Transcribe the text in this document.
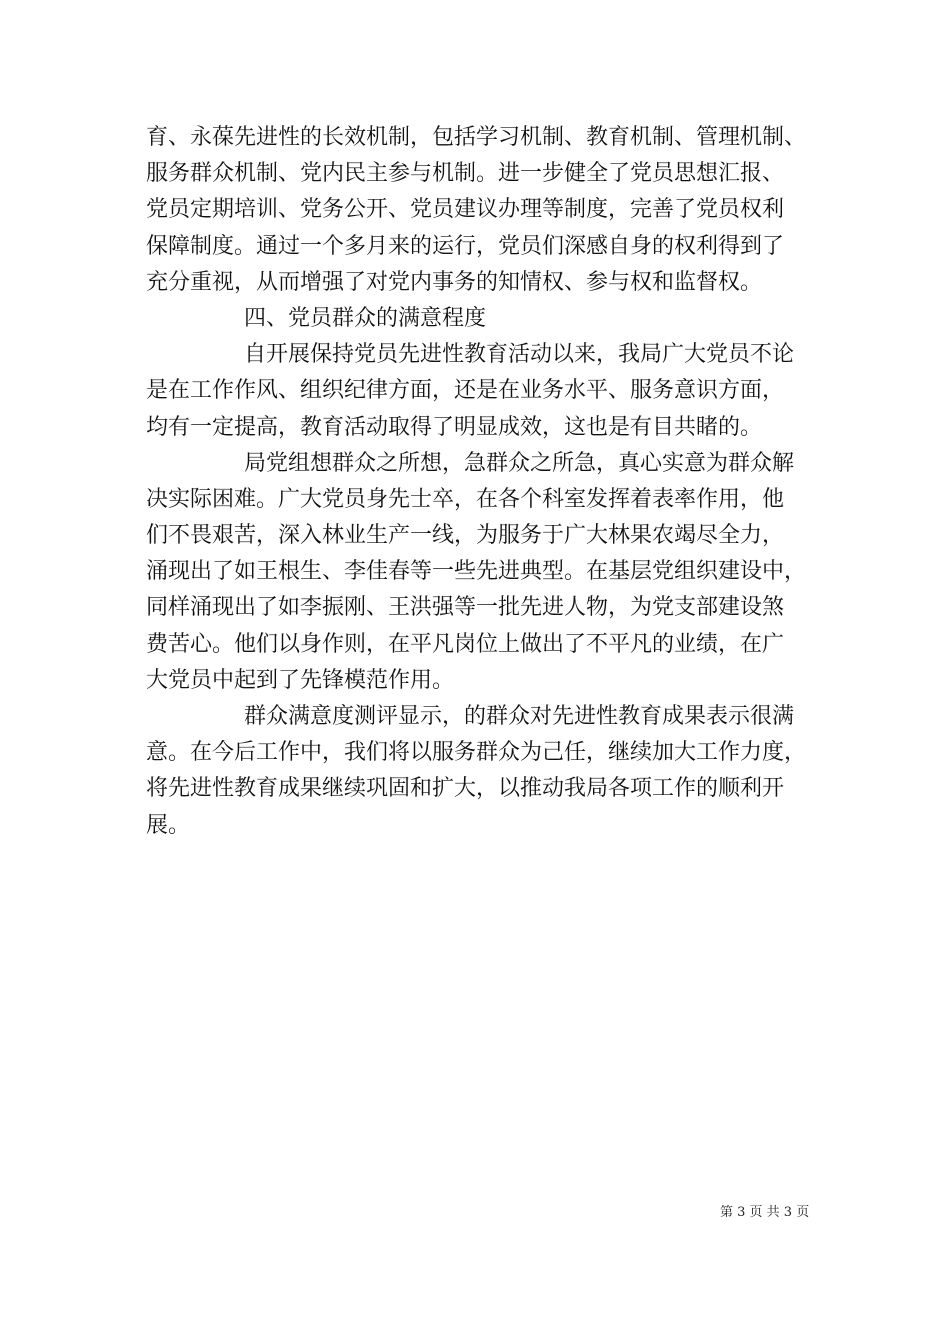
育、永葆先进性的长效机制，包括学习机制、教育机制、管理机制、
服务群众机制、党内民主参与机制。进一步健全了党员思想汇报、
党员定期培训、党务公开、党员建议办理等制度，完善了党员权利
保障制度。通过一个多月来的运行，党员们深感自身的权利得到了
充分重视，从而增强了对党内事务的知情权、参与权和监督权。
四、党员群众的满意程度
自开展保持党员先进性教育活动以来，我局广大党员不论
是在工作作风、组织纪律方面，还是在业务水平、服务意识方面，
均有一定提高，教育活动取得了明显成效，这也是有目共睹的。
局党组想群众之所想，急群众之所急，真心实意为群众解
决实际困难。广大党员身先士卒，在各个科室发挥着表率作用，他
们不畏艰苦，深入林业生产一线，为服务于广大林果农竭尽全力，
涌现出了如王根生、李佳春等一些先进典型。在基层党组织建设中，
同样涌现出了如李振刚、王洪强等一批先进人物，为党支部建设煞
费苦心。他们以身作则，在平凡岗位上做出了不平凡的业绩，在广
大党员中起到了先锋模范作用。
群众满意度测评显示，的群众对先进性教育成果表示很满
意。在今后工作中，我们将以服务群众为己任，继续加大工作力度，
将先进性教育成果继续巩固和扩大，以推动我局各项工作的顺利开
展。
第 3 页 共 3 页
